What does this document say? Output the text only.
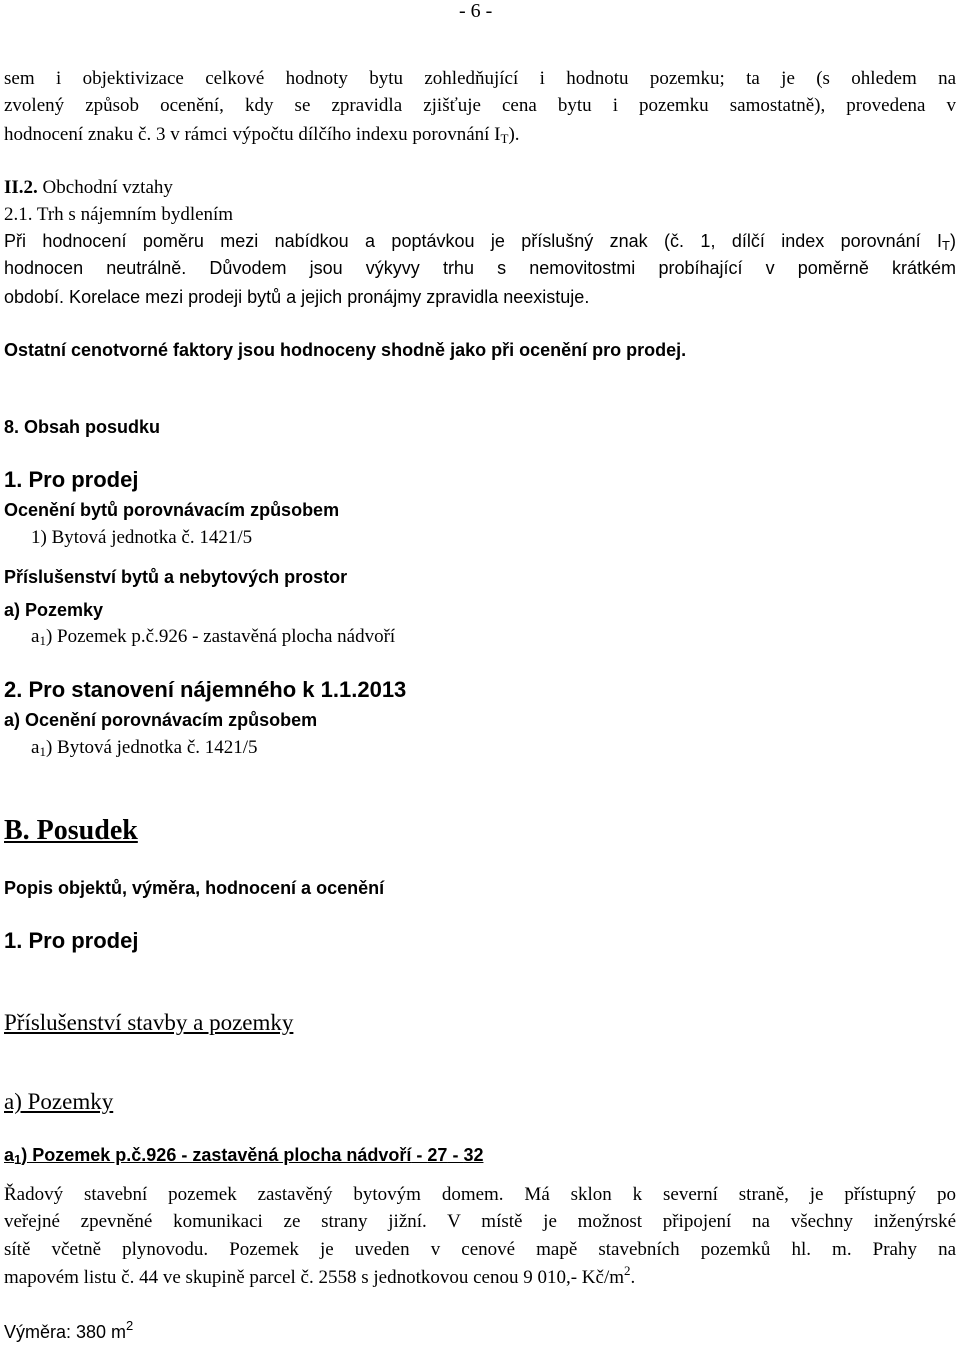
- 6 -
sem i objektivizace celkové hodnoty bytu zohledňující i hodnotu pozemku; ta je (s ohledem na
zvolený způsob ocenění, kdy se zpravidla zjišťuje cena bytu i pozemku samostatně), provedena v
hodnocení znaku č. 3 v rámci výpočtu dílčího indexu porovnání $I_T$).
II.2. Obchodní vztahy
2.1. Trh s nájemním bydlením
Při hodnocení poměru mezi nabídkou a poptávkou je příslušný znak (č. 1, dílčí index porovnání $I_T$)
hodnocen neutrálně. Důvodem jsou výkyvy trhu s nemovitostmi probíhající v poměrně krátkém
období. Korelace mezi prodeji bytů a jejich pronájmy zpravidla neexistuje.
Ostatní cenotvorné faktory jsou hodnoceny shodně jako při ocenění pro prodej.
8. Obsah posudku
1. Pro prodej
Ocenění bytů porovnávacím způsobem
1) Bytová jednotka č. 1421/5
Příslušenství bytů a nebytových prostor
a) Pozemky
$a_1$) Pozemek p.č.926 - zastavěná plocha nádvoří
2. Pro stanovení nájemného k 1.1.2013
a) Ocenění porovnávacím způsobem
$a_1$) Bytová jednotka č. 1421/5
B. Posudek
Popis objektů, výměra, hodnocení a ocenění
1. Pro prodej
Příslušenství stavby a pozemky
a) Pozemky
$a_1$) Pozemek p.č.926 - zastavěná plocha nádvoří - 27 - 32
Řadový stavební pozemek zastavěný bytovým domem. Má sklon k severní straně, je přístupný po
veřejné zpevněné komunikaci ze strany jižní. V místě je možnost připojení na všechny inženýrské
sítě včetně plynovodu. Pozemek je uveden v cenové mapě stavebních pozemků hl. m. Prahy na
mapovém listu č. 44 ve skupině parcel č. 2558 s jednotkovou cenou 9 010,- $Kč/m^2$.
Výměra: 380 $m^2$
